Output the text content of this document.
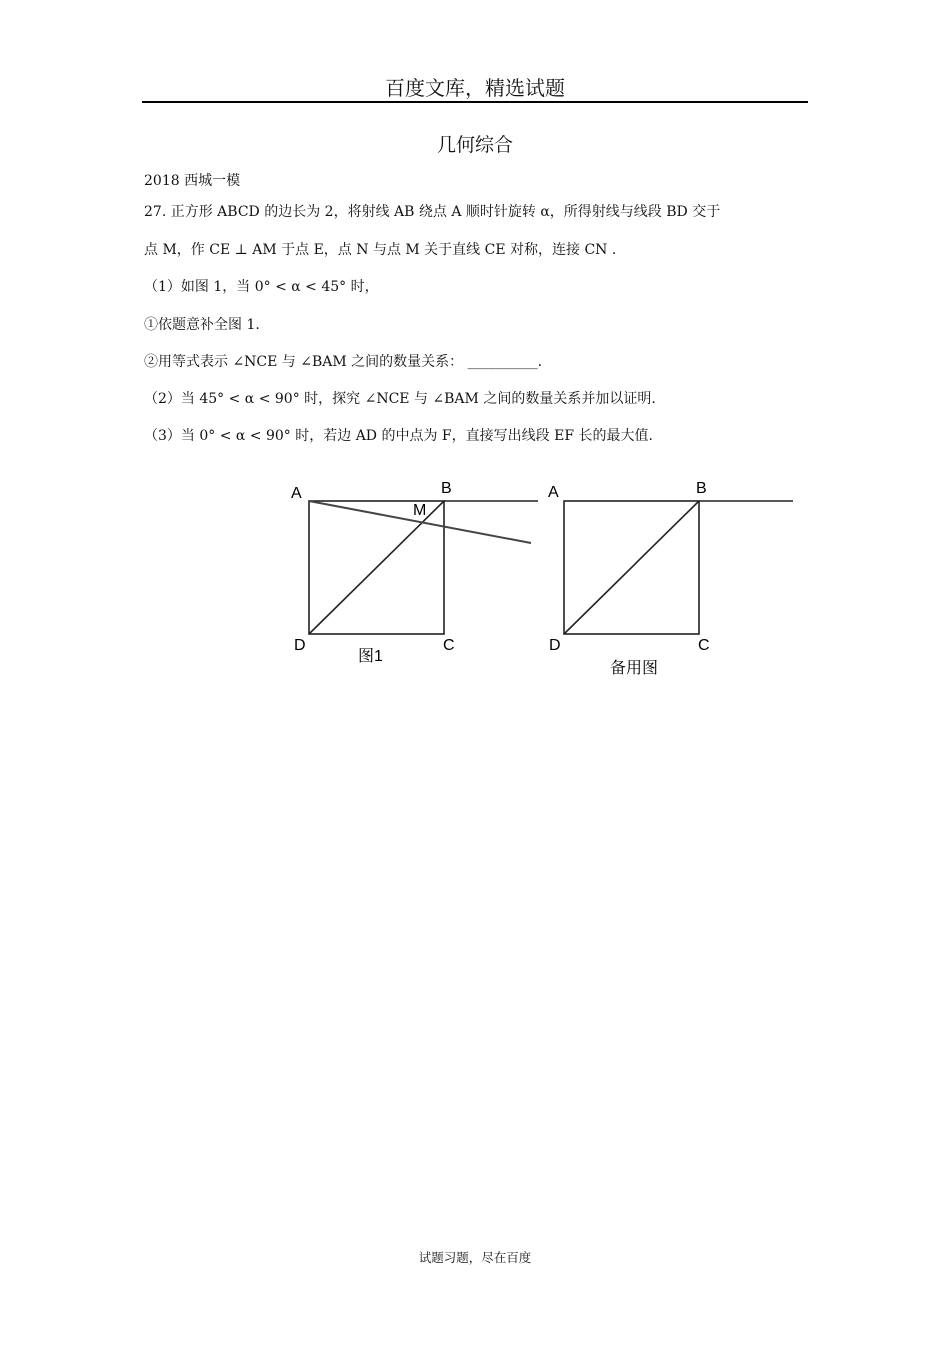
百度文库，精选试题
几何综合
2018 西城一模
27. 正方形 ABCD 的边长为 2，将射线 AB 绕点 A 顺时针旋转 α，所得射线与线段 BD 交于
点 M，作 CE ⊥ AM 于点 E，点 N 与点 M 关于直线 CE 对称，连接 CN .
（1）如图 1，当 0° < α < 45° 时，
①依题意补全图 1.
②用等式表示 ∠NCE 与 ∠BAM 之间的数量关系： __________.
（2）当 45° < α < 90° 时，探究 ∠NCE 与 ∠BAM 之间的数量关系并加以证明.
（3）当 0° < α < 90° 时，若边 AD 的中点为 F，直接写出线段 EF 长的最大值.
A	B
M
D	C
图1
A	B
D	C
备用图
试题习题，尽在百度
